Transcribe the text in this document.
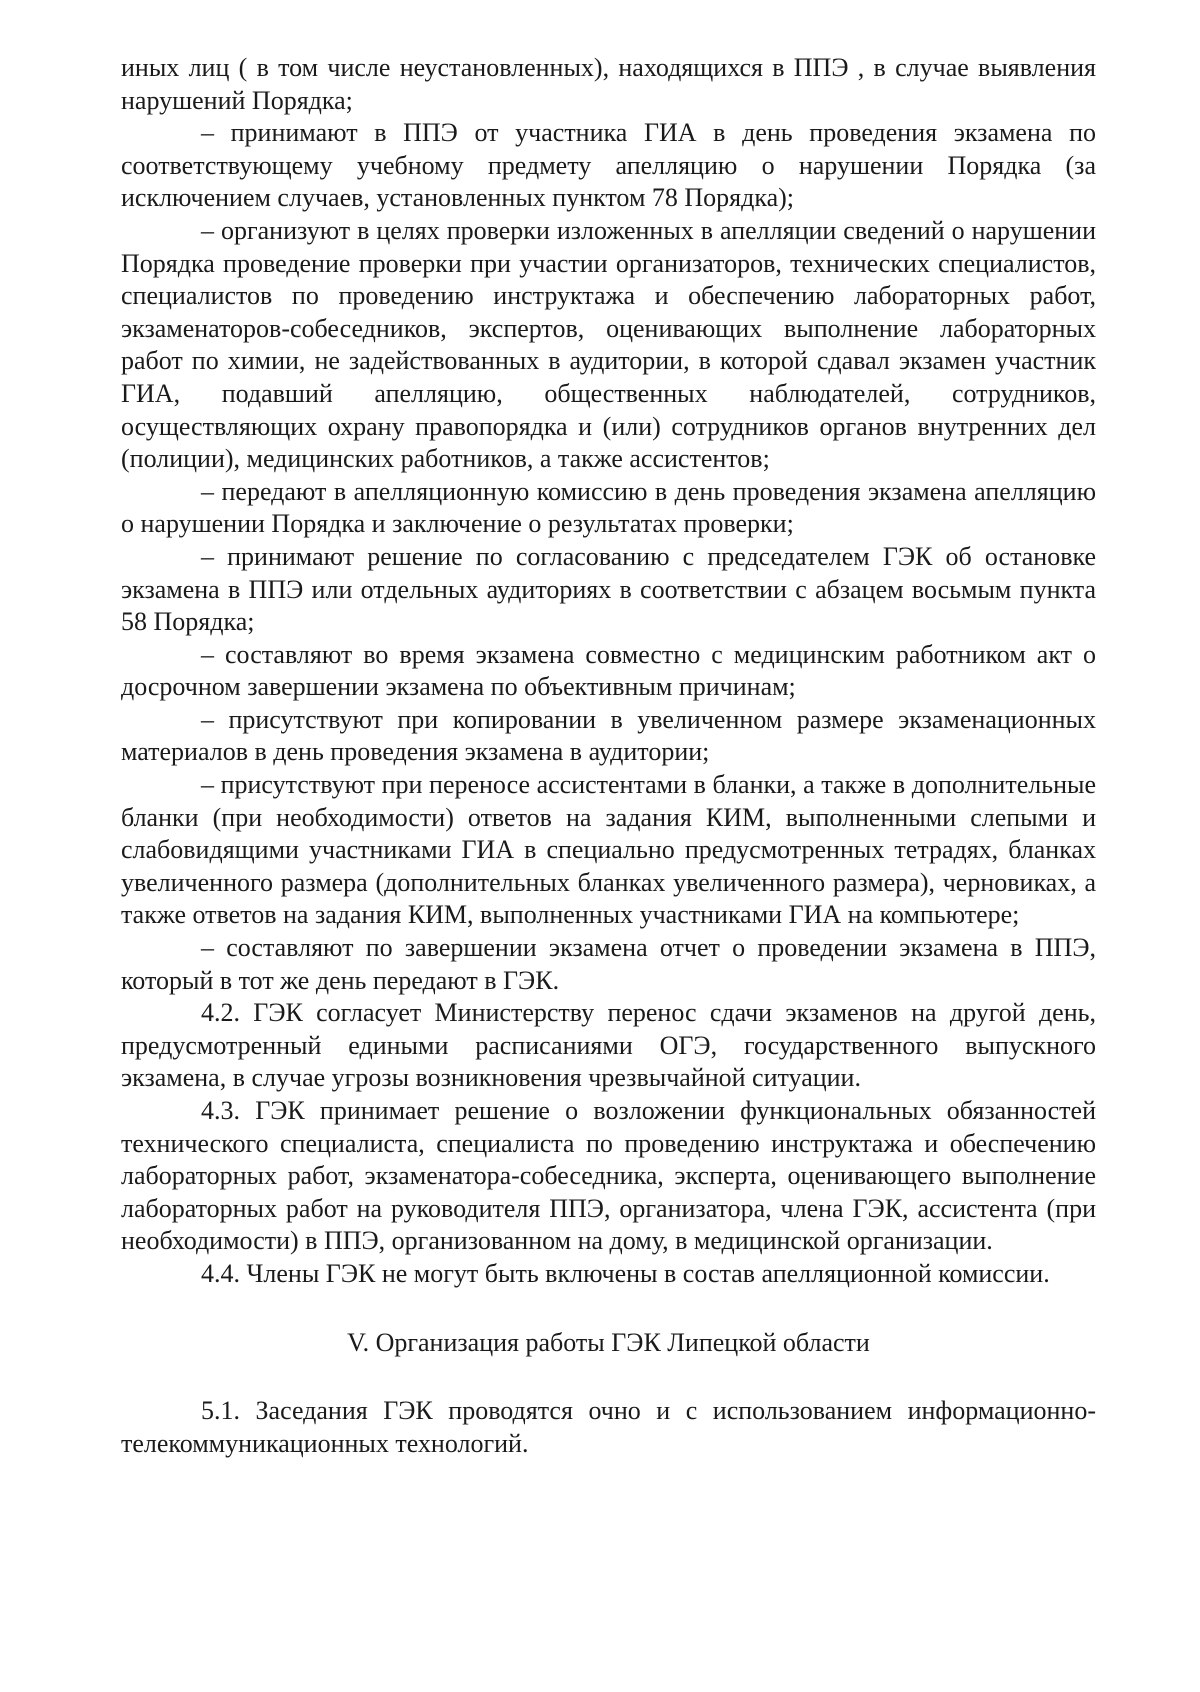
иных лиц ( в том числе неустановленных), находящихся в ППЭ , в случае выявления нарушений Порядка;

– принимают в ППЭ от участника ГИА в день проведения экзамена по соответствующему учебному предмету апелляцию о нарушении Порядка (за исключением случаев, установленных пунктом 78 Порядка);

– организуют в целях проверки изложенных в апелляции сведений о нарушении Порядка проведение проверки при участии организаторов, технических специалистов, специалистов по проведению инструктажа и обеспечению лабораторных работ, экзаменаторов-собеседников, экспертов, оценивающих выполнение лабораторных работ по химии, не задействованных в аудитории, в которой сдавал экзамен участник ГИА, подавший апелляцию, общественных наблюдателей, сотрудников, осуществляющих охрану правопорядка и (или) сотрудников органов внутренних дел (полиции), медицинских работников, а также ассистентов;

– передают в апелляционную комиссию в день проведения экзамена апелляцию о нарушении Порядка и заключение о результатах проверки;

– принимают решение по согласованию с председателем ГЭК об остановке экзамена в ППЭ или отдельных аудиториях в соответствии с абзацем восьмым пункта 58 Порядка;

– составляют во время экзамена совместно с медицинским работником акт о досрочном завершении экзамена по объективным причинам;

– присутствуют при копировании в увеличенном размере экзаменационных материалов в день проведения экзамена в аудитории;

– присутствуют при переносе ассистентами в бланки, а также в дополнительные бланки (при необходимости) ответов на задания КИМ, выполненными слепыми и слабовидящими участниками ГИА в специально предусмотренных тетрадях, бланках увеличенного размера (дополнительных бланках увеличенного размера), черновиках, а также ответов на задания КИМ, выполненных участниками ГИА на компьютере;

– составляют по завершении экзамена отчет о проведении экзамена в ППЭ, который в тот же день передают в ГЭК.

4.2. ГЭК согласует Министерству перенос сдачи экзаменов на другой день, предусмотренный едиными расписаниями ОГЭ, государственного выпускного экзамена, в случае угрозы возникновения чрезвычайной ситуации.

4.3. ГЭК принимает решение о возложении функциональных обязанностей технического специалиста, специалиста по проведению инструктажа и обеспечению лабораторных работ, экзаменатора-собеседника, эксперта, оценивающего выполнение лабораторных работ на руководителя ППЭ, организатора, члена ГЭК, ассистента (при необходимости) в ППЭ, организованном на дому, в медицинской организации.

4.4. Члены ГЭК не могут быть включены в состав апелляционной комиссии.

V. Организация работы ГЭК Липецкой области

5.1. Заседания ГЭК проводятся очно и с использованием информационно-телекоммуникационных технологий.
